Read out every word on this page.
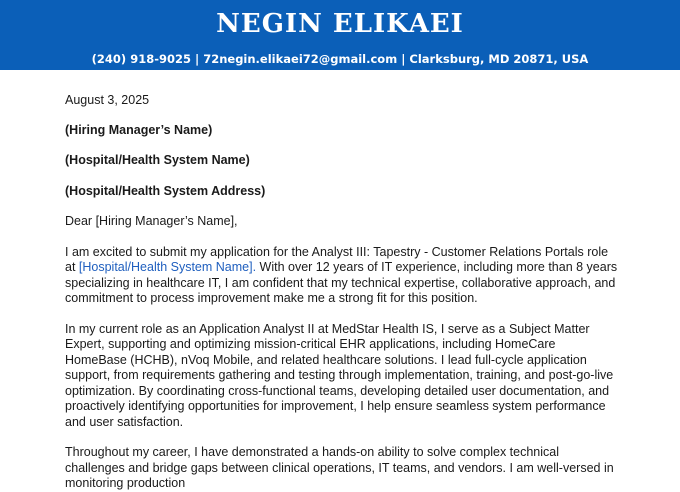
NEGIN ELIKAEI
(240) 918-9025 | 72negin.elikaei72@gmail.com | Clarksburg, MD 20871, USA
August 3, 2025
(Hiring Manager’s Name)
(Hospital/Health System Name)
(Hospital/Health System Address)
Dear [Hiring Manager’s Name],
I am excited to submit my application for the Analyst III: Tapestry - Customer Relations Portals role at [Hospital/Health System Name]. With over 12 years of IT experience, including more than 8 years specializing in healthcare IT, I am confident that my technical expertise, collaborative approach, and commitment to process improvement make me a strong fit for this position.
In my current role as an Application Analyst II at MedStar Health IS, I serve as a Subject Matter Expert, supporting and optimizing mission-critical EHR applications, including HomeCare HomeBase (HCHB), nVoq Mobile, and related healthcare solutions. I lead full-cycle application support, from requirements gathering and testing through implementation, training, and post-go-live optimization. By coordinating cross-functional teams, developing detailed user documentation, and proactively identifying opportunities for improvement, I help ensure seamless system performance and user satisfaction.
Throughout my career, I have demonstrated a hands-on ability to solve complex technical challenges and bridge gaps between clinical operations, IT teams, and vendors. I am well-versed in monitoring production
